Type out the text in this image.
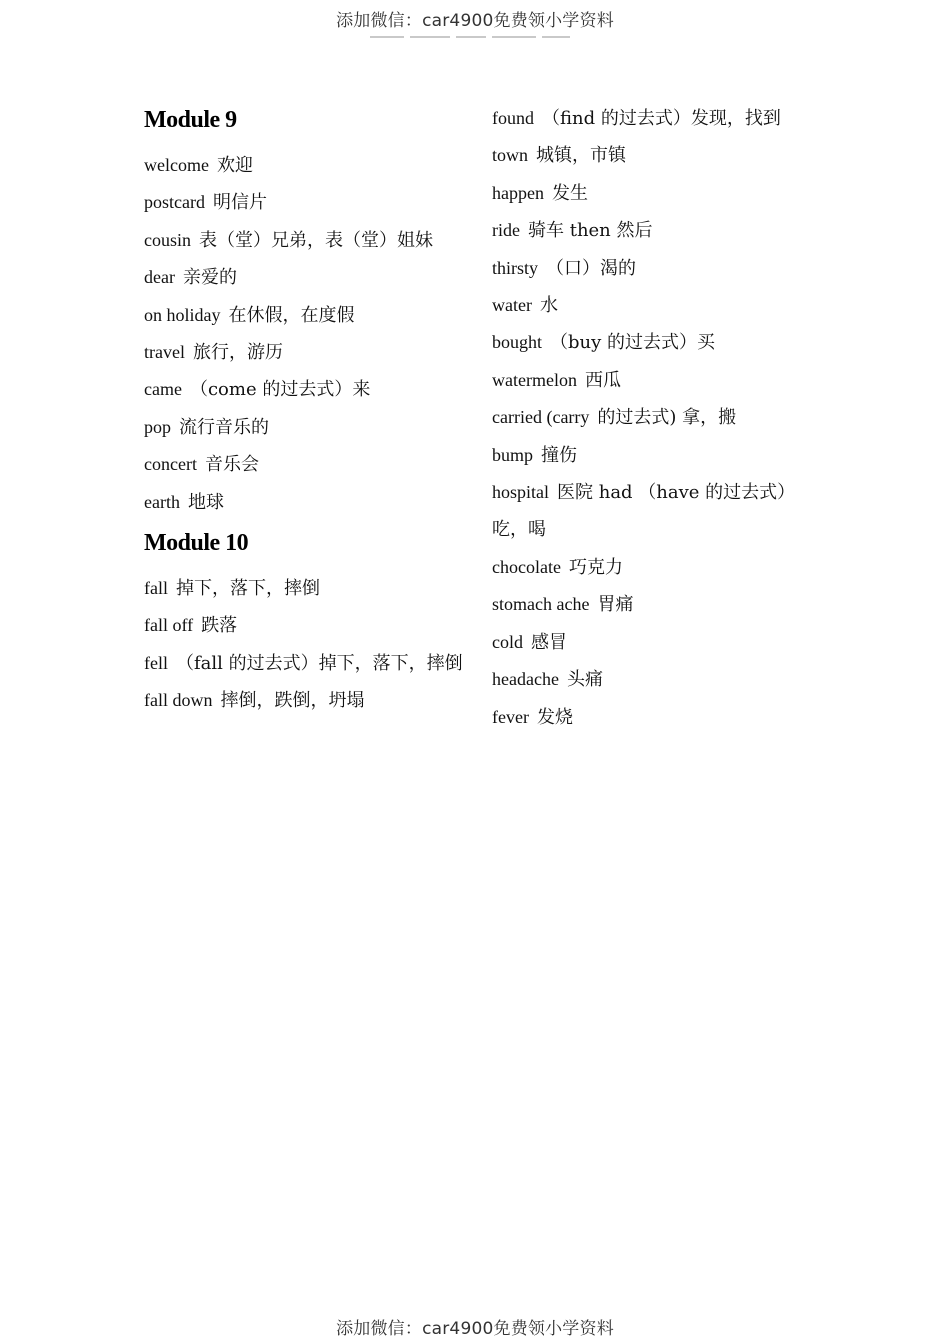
添加微信：car4900免费领小学资料
Module 9
welcome 欢迎
postcard 明信片
cousin 表（堂）兄弟，表（堂）姐妹
dear 亲爱的
on holiday 在休假，在度假
travel 旅行，游历
came （come 的过去式）来
pop 流行音乐的
concert 音乐会
earth 地球
Module 10
fall 掉下，落下，摔倒
fall off 跌落
fell （fall 的过去式）掉下，落下，摔倒
fall down 摔倒，跌倒，坍塌
found （find 的过去式）发现，找到
town 城镇，市镇
happen 发生
ride 骑车 then 然后
thirsty （口）渴的
water 水
bought （buy 的过去式）买
watermelon 西瓜
carried (carry 的过去式) 拿，搬
bump 撞伤
hospital 医院 had （have 的过去式）吃，喝
chocolate 巧克力
stomach ache 胃痛
cold 感冒
headache 头痛
fever 发烧
添加微信：car4900免费领小学资料
